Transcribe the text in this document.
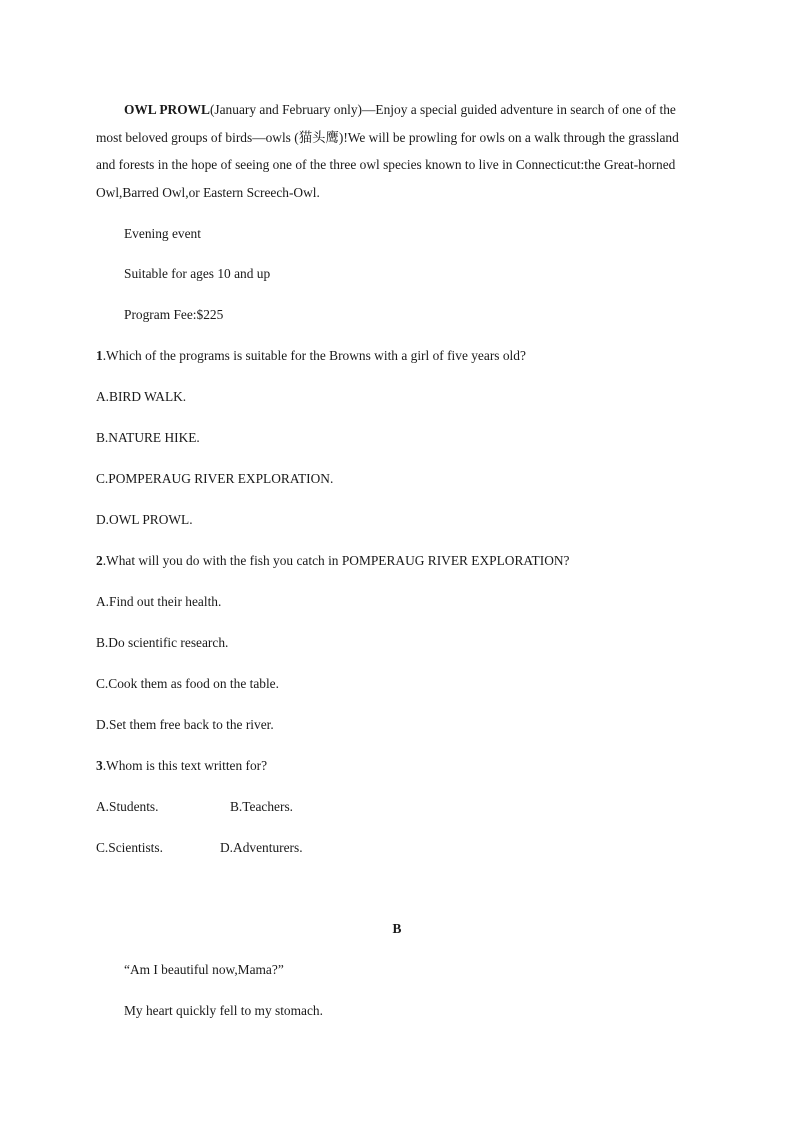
OWL PROWL(January and February only)—Enjoy a special guided adventure in search of one of the most beloved groups of birds—owls (猫头鹰)!We will be prowling for owls on a walk through the grassland and forests in the hope of seeing one of the three owl species known to live in Connecticut:the Great-horned Owl,Barred Owl,or Eastern Screech-Owl.

Evening event

Suitable for ages 10 and up

Program Fee:$225

1.Which of the programs is suitable for the Browns with a girl of five years old?

A.BIRD WALK.

B.NATURE HIKE.

C.POMPERAUG RIVER EXPLORATION.

D.OWL PROWL.

2.What will you do with the fish you catch in POMPERAUG RIVER EXPLORATION?

A.Find out their health.

B.Do scientific research.

C.Cook them as food on the table.

D.Set them free back to the river.

3.Whom is this text written for?

A.Students.	B.Teachers.
C.Scientists.	D.Adventurers.
B

“Am I beautiful now,Mama?”

My heart quickly fell to my stomach.
